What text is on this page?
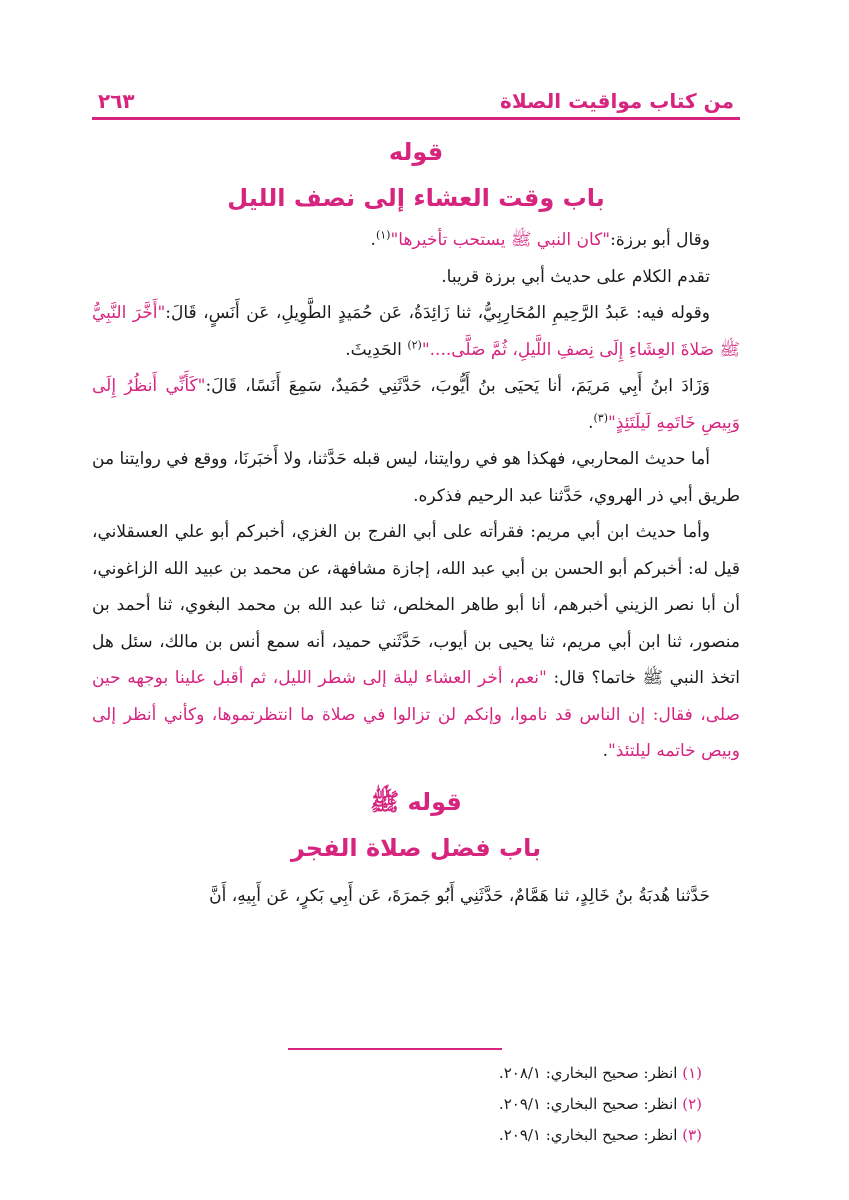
من كتاب مواقيت الصلاة
٢٦٣
قوله
باب وقت العشاء إلى نصف الليل

وقال أبو برزة:"كان النبي ﷺ يستحب تأخيرها"$^{(١)}$.

تقدم الكلام على حديث أبي برزة قريبا.

وقوله فيه: عَبدُ الرَّحِيمِ المُحَارِبِيُّ، ثنا زَائِدَةُ، عَن حُمَيدٍ الطَّوِيلِ، عَن أَنَسٍ، قَالَ:"أَخَّرَ النَّبِيُّ ﷺ صَلاةَ العِشَاءِ إِلَى نِصفِ اللَّيلِ، ثُمَّ صَلَّى...."$^{(٢)}$ الحَدِيثَ.

وَزَادَ ابنُ أَبِي مَريَمَ، أنا يَحيَى بنُ أَيُّوبَ، حَدَّثَنِي حُمَيدٌ، سَمِعَ أَنَسًا، قَالَ:"كَأَنِّي أَنظُرُ إِلَى وَبِيصِ خَاتَمِهِ لَيلَتَئِذٍ"$^{(٣)}$.

أما حديث المحاربي، فهكذا هو في روايتنا، ليس قبله حَدَّثنا، ولا أَخبَرنَا، ووقع في روايتنا من طريق أبي ذر الهروي، حَدَّثنا عبد الرحيم فذكره.

وأما حديث ابن أبي مريم: فقرأته على أبي الفرج بن الغزي، أخبركم أبو علي العسقلاني، قيل له: أخبركم أبو الحسن بن أبي عبد الله، إجازة مشافهة، عن محمد بن عبيد الله الزاغوني، أن أبا نصر الزيني أخبرهم، أنا أبو طاهر المخلص، ثنا عبد الله بن محمد البغوي، ثنا أحمد بن منصور، ثنا ابن أبي مريم، ثنا يحيى بن أيوب، حَدَّثَني حميد، أنه سمع أنس بن مالك، سئل هل اتخذ النبي ﷺ خاتما؟ قال: "نعم، أخر العشاء ليلة إلى شطر الليل، ثم أقبل علينا بوجهه حين صلى، فقال: إن الناس قد ناموا، وإنكم لن تزالوا في صلاة ما انتظرتموها، وكأني أنظر إلى وبيص خاتمه ليلتئذ".

قوله ﷺ
باب فضل صلاة الفجر

حَدَّثنا هُدبَةُ بنُ خَالِدٍ، ثنا هَمَّامٌ، حَدَّثَنِي أَبُو جَمرَةَ، عَن أَبِي بَكرٍ، عَن أَبِيهِ، أَنَّ

(١) انظر: صحيح البخاري: ٢٠٨/١.

(٢) انظر: صحيح البخاري: ٢٠٩/١.

(٣) انظر: صحيح البخاري: ٢٠٩/١.
